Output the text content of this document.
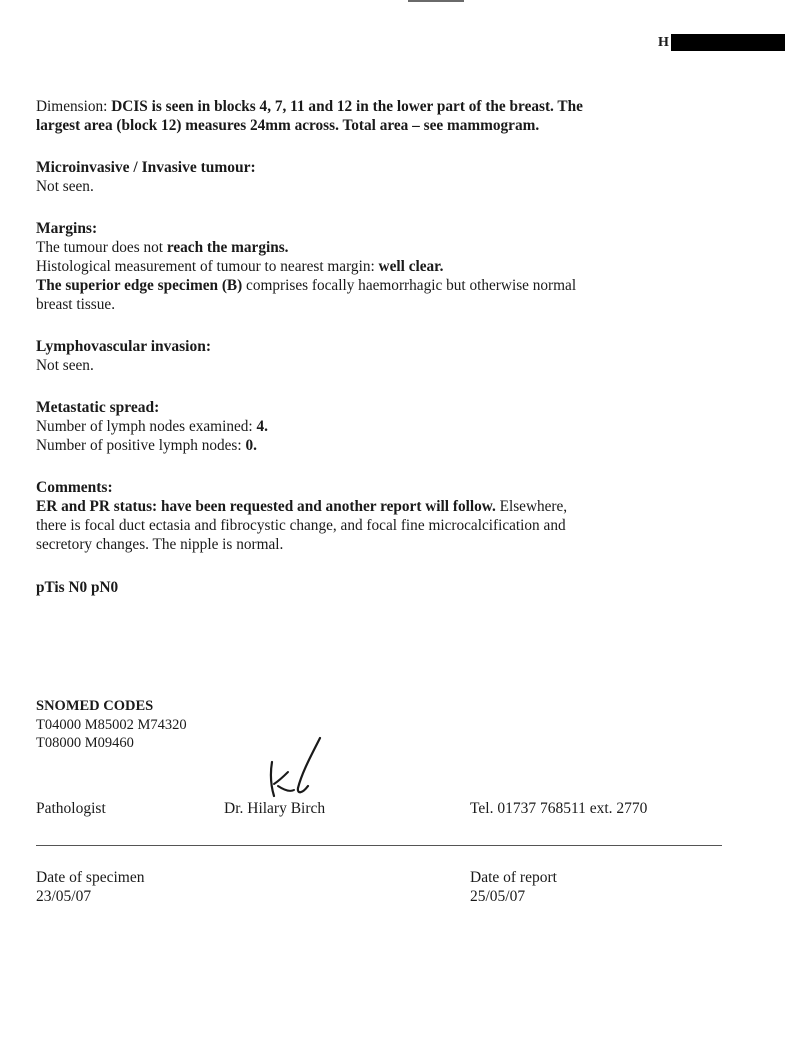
H

Dimension: DCIS is seen in blocks 4, 7, 11 and 12 in the lower part of the breast. The

largest area (block 12) measures 24mm across. Total area – see mammogram.

Microinvasive / Invasive tumour:

Not seen.

Margins:

The tumour does not reach the margins.

Histological measurement of tumour to nearest margin: well clear.

The superior edge specimen (B) comprises focally haemorrhagic but otherwise normal

breast tissue.

Lymphovascular invasion:

Not seen.

Metastatic spread:

Number of lymph nodes examined: 4.

Number of positive lymph nodes: 0.

Comments:

ER and PR status: have been requested and another report will follow. Elsewhere,

there is focal duct ectasia and fibrocystic change, and focal fine microcalcification and

secretory changes. The nipple is normal.

pTis N0 pN0

SNOMED CODES

T04000 M85002 M74320

T08000 M09460

Pathologist	Dr. Hilary Birch	Tel. 01737 768511 ext. 2770
Date of specimen
23/05/07
Date of report
25/05/07
